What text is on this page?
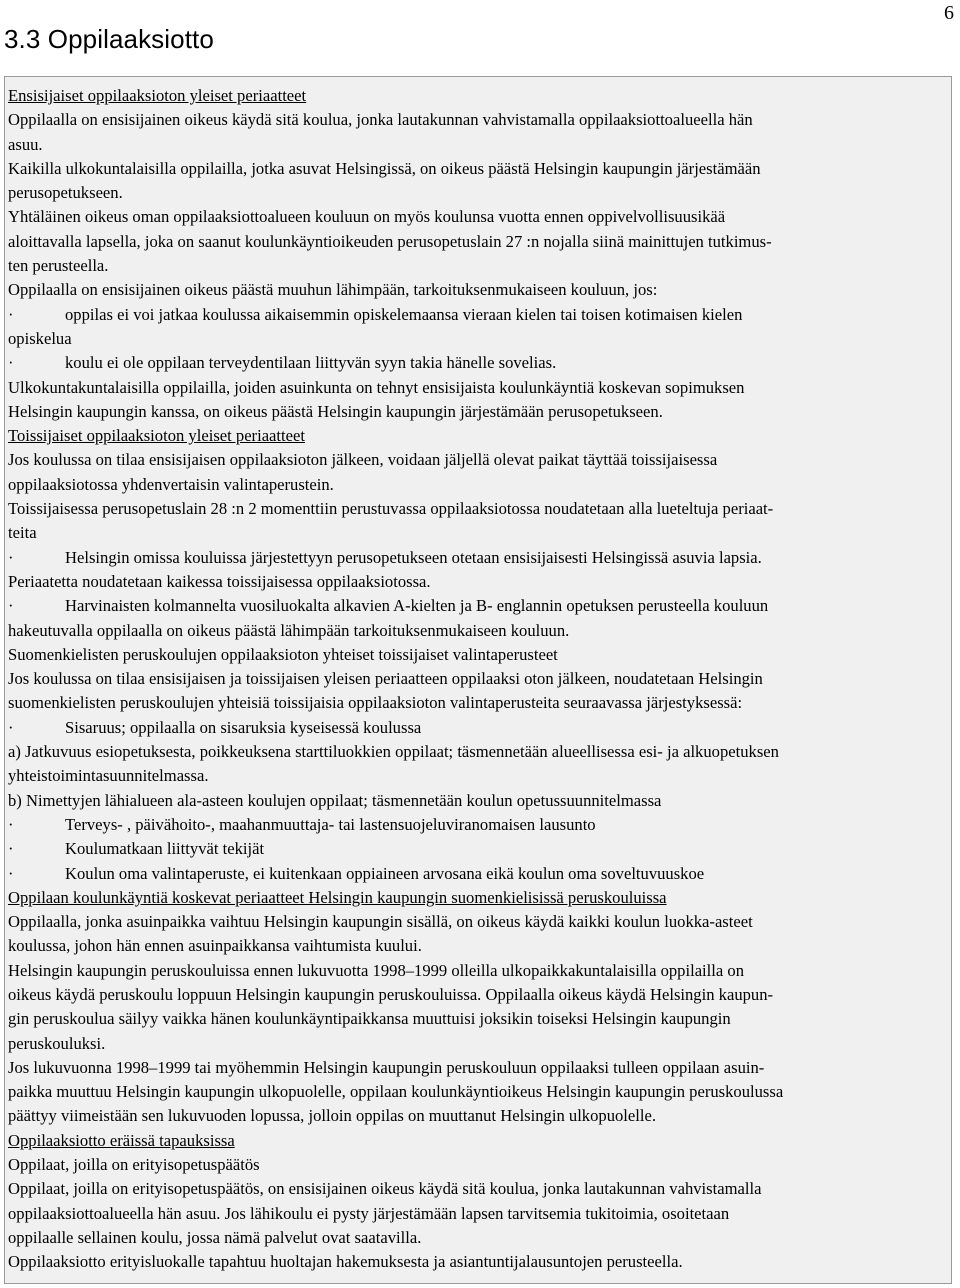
6
3.3 Oppilaaksiotto
Ensisijaiset oppilaaksioton yleiset periaatteet
Oppilaalla on ensisijainen oikeus käydä sitä koulua, jonka lautakunnan vahvistamalla oppilaaksiottoalueella hän
asuu.
Kaikilla ulkokuntalaisilla oppilailla, jotka asuvat Helsingissä, on oikeus päästä Helsingin kaupungin järjestämään
perusopetukseen.
Yhtäläinen oikeus oman oppilaaksiottoalueen kouluun on myös koulunsa vuotta ennen oppivelvollisuusikää
aloittavalla lapsella, joka on saanut koulunkäyntioikeuden perusopetuslain 27 :n nojalla siinä mainittujen tutkimus-
ten perusteella.
Oppilaalla on ensisijainen oikeus päästä muuhun lähimpään, tarkoituksenmukaiseen kouluun, jos:
·	oppilas ei voi jatkaa koulussa aikaisemmin opiskelemaansa vieraan kielen tai toisen kotimaisen kielen
opiskelua
·	koulu ei ole oppilaan terveydentilaan liittyvän syyn takia hänelle sovelias.
Ulkokuntakuntalaisilla oppilailla, joiden asuinkunta on tehnyt ensisijaista koulunkäyntiä koskevan sopimuksen
Helsingin kaupungin kanssa, on oikeus päästä Helsingin kaupungin järjestämään perusopetukseen.
Toissijaiset oppilaaksioton yleiset periaatteet
Jos koulussa on tilaa ensisijaisen oppilaaksioton jälkeen, voidaan jäljellä olevat paikat täyttää toissijaisessa
oppilaaksiotossa yhdenvertaisin valintaperustein.
Toissijaisessa perusopetuslain 28 :n 2 momenttiin perustuvassa oppilaaksiotossa noudatetaan alla lueteltuja periaat-
teita
·	Helsingin omissa kouluissa järjestettyyn perusopetukseen otetaan ensisijaisesti Helsingissä asuvia lapsia.
Periaatetta noudatetaan kaikessa toissijaisessa oppilaaksiotossa.
·	Harvinaisten kolmannelta vuosiluokalta alkavien A-kielten ja B- englannin opetuksen perusteella kouluun
hakeutuvalla oppilaalla on oikeus päästä lähimpään tarkoituksenmukaiseen kouluun.
Suomenkielisten peruskoulujen oppilaaksioton yhteiset toissijaiset valintaperusteet
Jos koulussa on tilaa ensisijaisen ja toissijaisen yleisen periaatteen oppilaaksi oton jälkeen, noudatetaan Helsingin
suomenkielisten peruskoulujen yhteisiä toissijaisia oppilaaksioton valintaperusteita seuraavassa järjestyksessä:
·	Sisaruus; oppilaalla on sisaruksia kyseisessä koulussa
a) Jatkuvuus esiopetuksesta, poikkeuksena starttiluokkien oppilaat; täsmennetään alueellisessa esi- ja alkuopetuksen
yhteistoimintasuunnitelmassa.
b) Nimettyjen lähialueen ala-asteen koulujen oppilaat; täsmennetään koulun opetussuunnitelmassa
·	Terveys- , päivähoito-, maahanmuuttaja- tai lastensuojeluviranomaisen lausunto
·	Koulumatkaan liittyvät tekijät
·	Koulun oma valintaperuste, ei kuitenkaan oppiaineen arvosana eikä koulun oma soveltuvuuskoe
Oppilaan koulunkäyntiä koskevat periaatteet Helsingin kaupungin suomenkielisissä peruskouluissa
Oppilaalla, jonka asuinpaikka vaihtuu Helsingin kaupungin sisällä, on oikeus käydä kaikki koulun luokka-asteet
koulussa, johon hän ennen asuinpaikkansa vaihtumista kuului.
Helsingin kaupungin peruskouluissa ennen lukuvuotta 1998–1999 olleilla ulkopaikkakuntalaisilla oppilailla on
oikeus käydä peruskoulu loppuun Helsingin kaupungin peruskouluissa. Oppilaalla oikeus käydä Helsingin kaupun-
gin peruskoulua säilyy vaikka hänen koulunkäyntipaikkansa muuttuisi joksikin toiseksi Helsingin kaupungin
peruskouluksi.
Jos lukuvuonna 1998–1999 tai myöhemmin Helsingin kaupungin peruskouluun oppilaaksi tulleen oppilaan asuin-
paikka muuttuu Helsingin kaupungin ulkopuolelle, oppilaan koulunkäyntioikeus Helsingin kaupungin peruskoulussa
päättyy viimeistään sen lukuvuoden lopussa, jolloin oppilas on muuttanut Helsingin ulkopuolelle.
Oppilaaksiotto eräissä tapauksissa
Oppilaat, joilla on erityisopetuspäätös
Oppilaat, joilla on erityisopetuspäätös, on ensisijainen oikeus käydä sitä koulua, jonka lautakunnan vahvistamalla
oppilaaksiottoalueella hän asuu. Jos lähikoulu ei pysty järjestämään lapsen tarvitsemia tukitoimia, osoitetaan
oppilaalle sellainen koulu, jossa nämä palvelut ovat saatavilla.
Oppilaaksiotto erityisluokalle tapahtuu huoltajan hakemuksesta ja asiantuntijalausuntojen perusteella.
